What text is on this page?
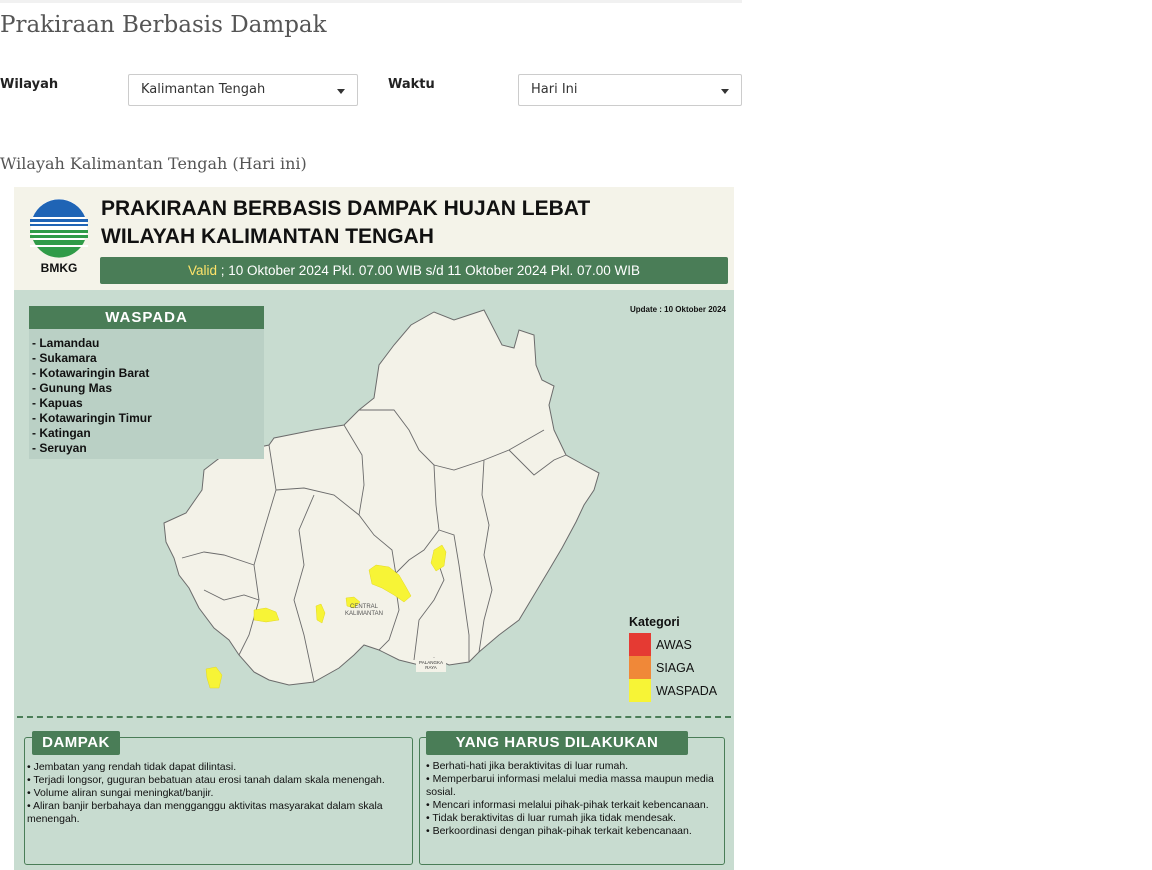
Prakiraan Berbasis Dampak
Wilayah	Kalimantan Tengah	Waktu	Hari Ini
Wilayah Kalimantan Tengah (Hari ini)
BMKG

PRAKIRAAN BERBASIS DAMPAK HUJAN LEBAT
WILAYAH KALIMANTAN TENGAH

Valid ; 10 Oktober 2024 Pkl. 07.00 WIB s/d 11 Oktober 2024 Pkl. 07.00 WIB
Update : 10 Oktober 2024
CENTRAL
KALIMANTAN
PALANGKA
RAYA
WASPADA
- Lamandau
- Sukamara
- Kotawaringin Barat
- Gunung Mas
- Kapuas
- Kotawaringin Timur
- Katingan
- Seruyan
Kategori
AWAS
SIAGA
WASPADA
DAMPAK
• Jembatan yang rendah tidak dapat dilintasi.
• Terjadi longsor, guguran bebatuan atau erosi tanah dalam skala menengah.
• Volume aliran sungai meningkat/banjir.
• Aliran banjir berbahaya dan mengganggu aktivitas masyarakat dalam skala menengah.
YANG HARUS DILAKUKAN
• Berhati-hati jika beraktivitas di luar rumah.
• Memperbarui informasi melalui media massa maupun media sosial.
• Mencari informasi melalui pihak-pihak terkait kebencanaan.
• Tidak beraktivitas di luar rumah jika tidak mendesak.
• Berkoordinasi dengan pihak-pihak terkait kebencanaan.
